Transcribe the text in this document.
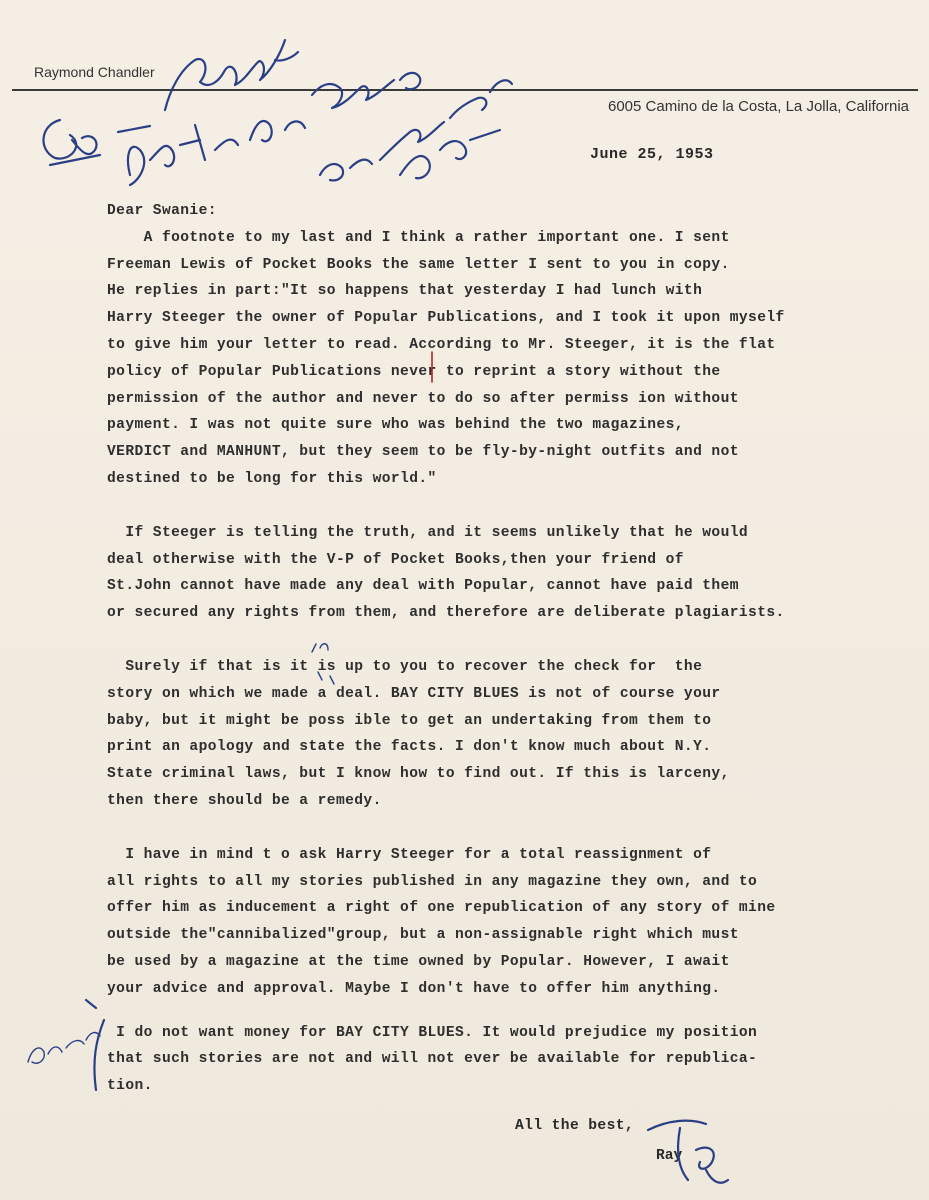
Raymond Chandler
6005 Camino de la Costa, La Jolla, California
June 25, 1953
Dear Swanie:
A footnote to my last and I think a rather important one. I sent
Freeman Lewis of Pocket Books the same letter I sent to you in copy.
He replies in part:"It so happens that yesterday I had lunch with
Harry Steeger the owner of Popular Publications, and I took it upon myself
to give him your letter to read. According to Mr. Steeger, it is the flat
policy of Popular Publications never to reprint a story without the
permission of the author and never to do so after permiss ion without
payment. I was not quite sure who was behind the two magazines,
VERDICT and MANHUNT, but they seem to be fly-by-night outfits and not
destined to be long for this world."
If Steeger is telling the truth, and it seems unlikely that he would
deal otherwise with the V-P of Pocket Books,then your friend of
St.John cannot have made any deal with Popular, cannot have paid them
or secured any rights from them, and therefore are deliberate plagiarists.
Surely if that is it is up to you to recover the check for  the
story on which we made a deal. BAY CITY BLUES is not of course your
baby, but it might be poss ible to get an undertaking from them to
print an apology and state the facts. I don't know much about N.Y.
State criminal laws, but I know how to find out. If this is larceny,
then there should be a remedy.
I have in mind t o ask Harry Steeger for a total reassignment of
all rights to all my stories published in any magazine they own, and to
offer him as inducement a right of one republication of any story of mine
outside the"cannibalized"group, but a non-assignable right which must
be used by a magazine at the time owned by Popular. However, I await
your advice and approval. Maybe I don't have to offer him anything.
I do not want money for BAY CITY BLUES. It would prejudice my position
that such stories are not and will not ever be available for republica-
tion.
All the best,
Ray
